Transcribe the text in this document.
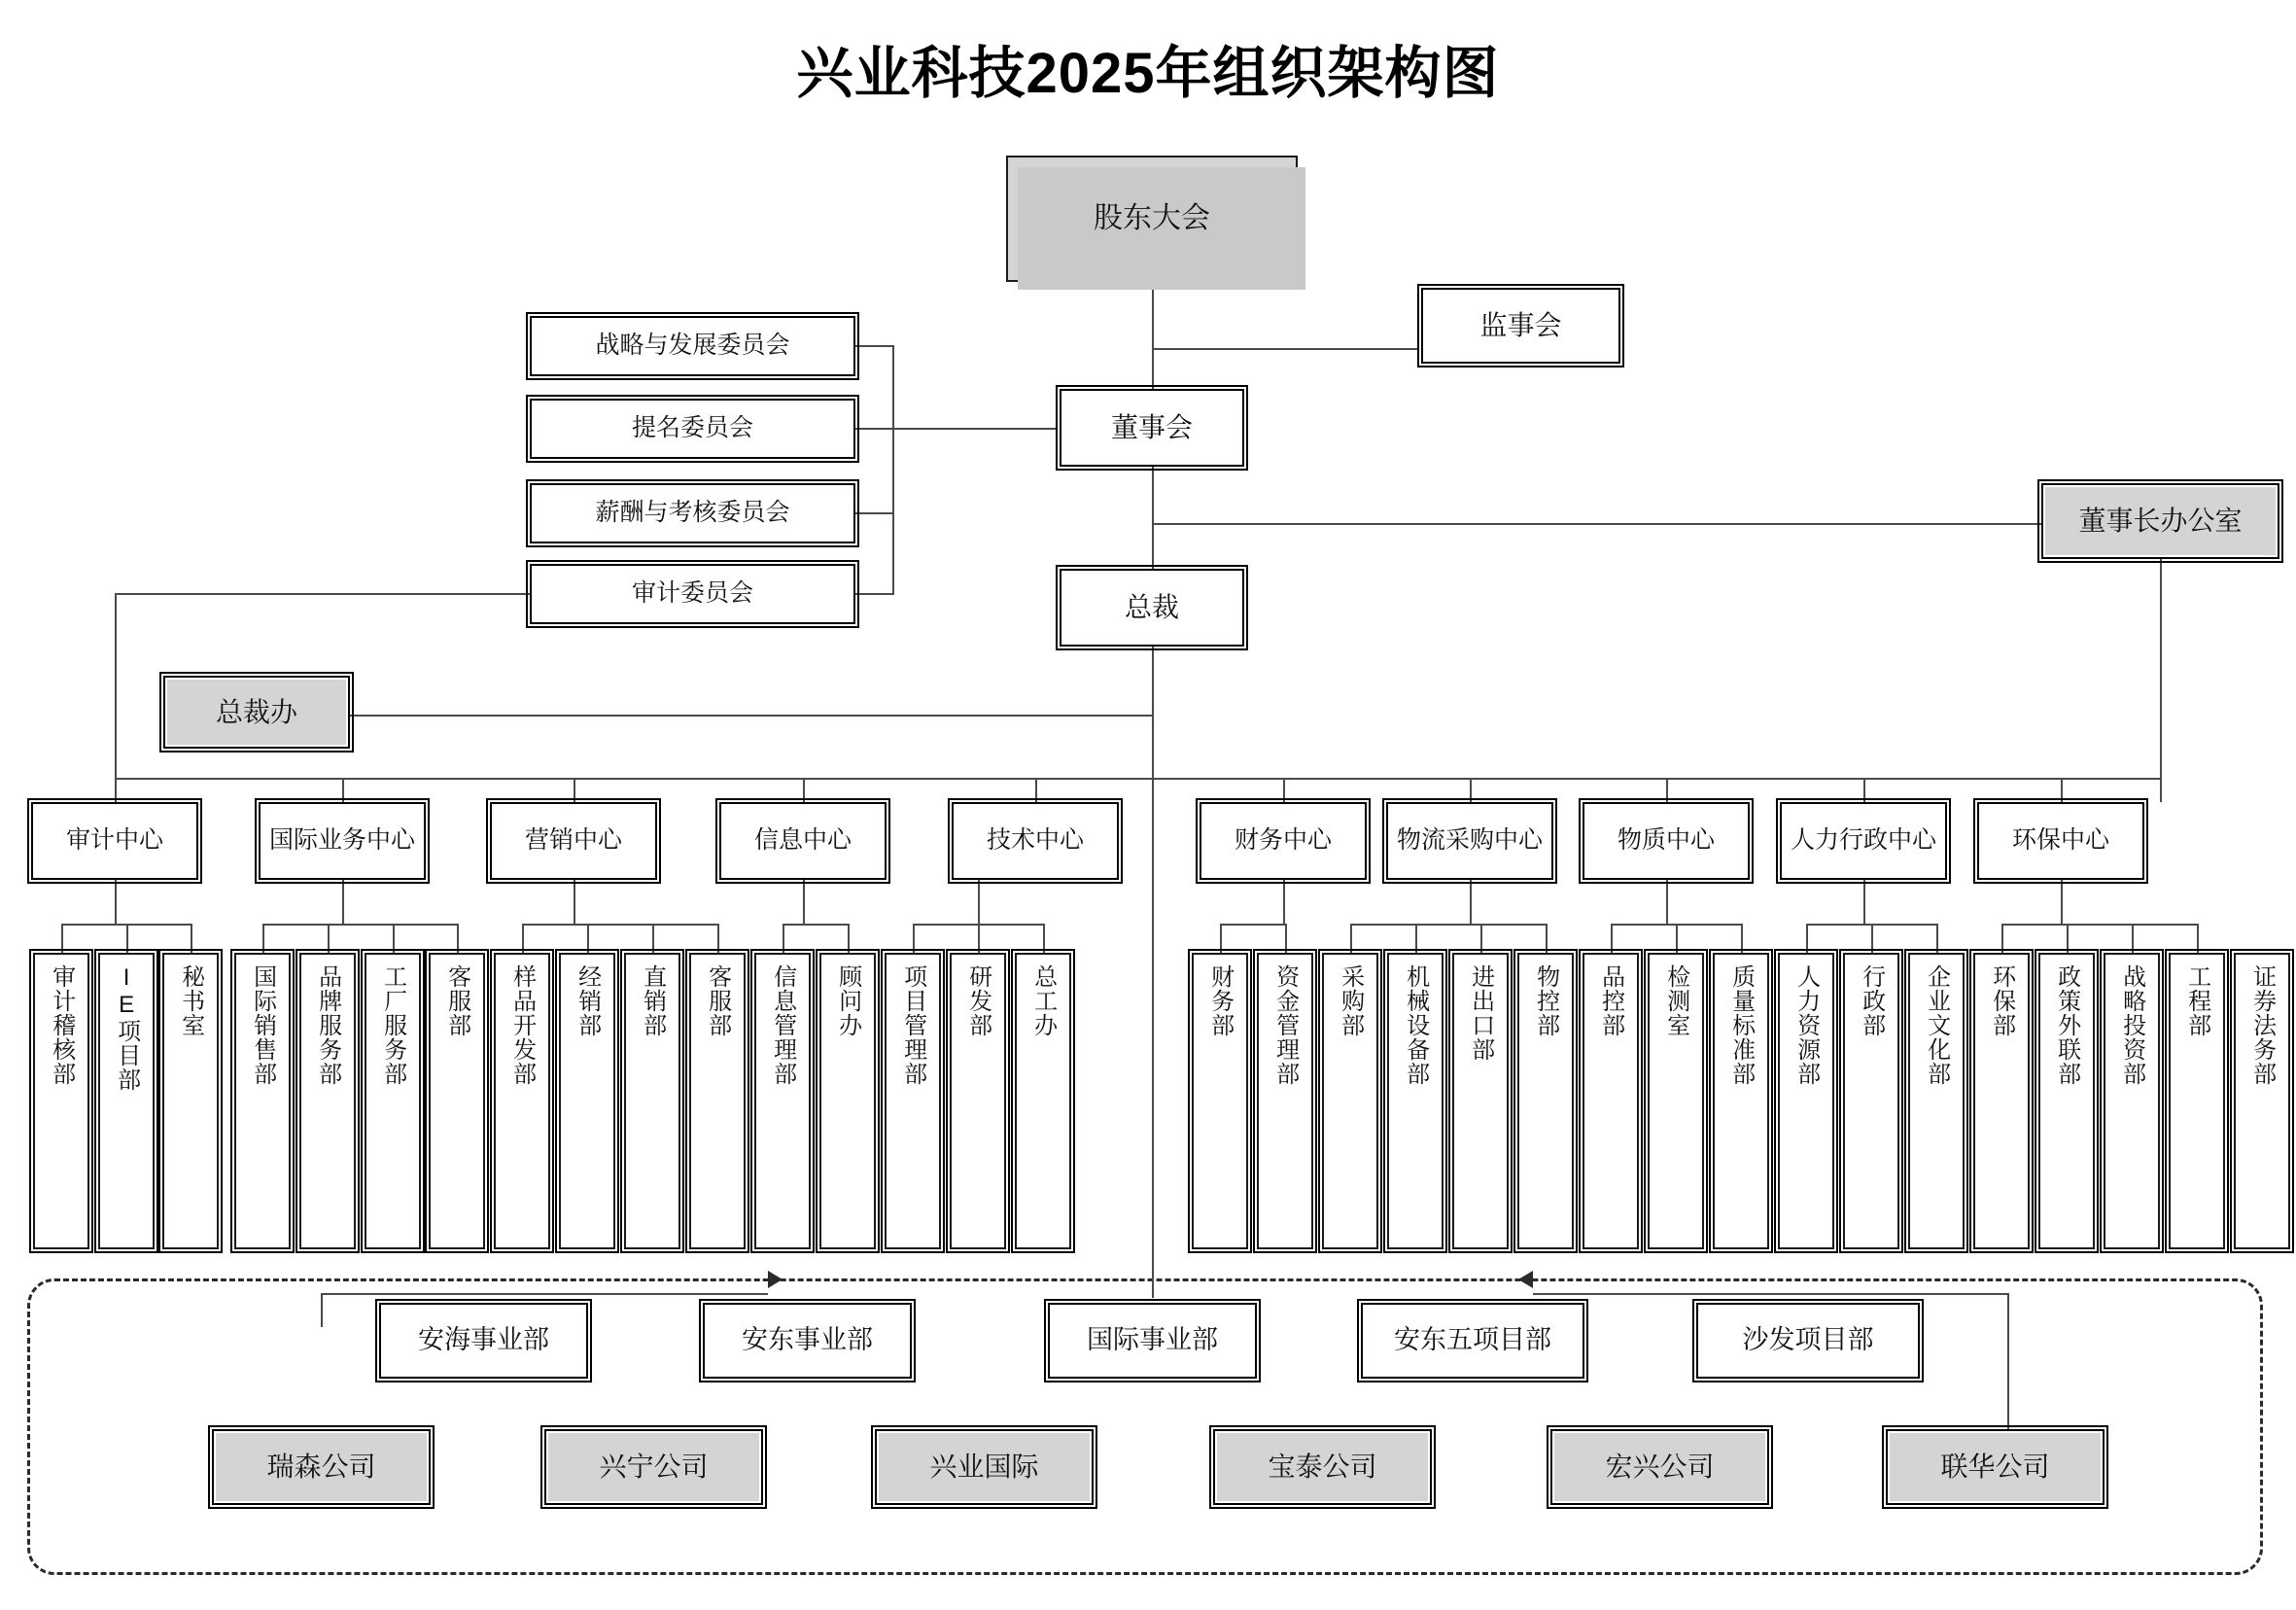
兴业科技2025年组织架构图
股东大会
监事会
董事会
董事长办公室
总裁
总裁办
战略与发展委员会
提名委员会
薪酬与考核委员会
审计委员会
审计中心	国际业务中心	营销中心	信息中心	技术中心	财务中心	物流采购中心	物质中心	人力行政中心	环保中心
审计稽核部 IE项目部 秘书室 国际销售部 品牌服务部 工厂服务部 客服部 样品开发部 经销部 直销部 客服部 信息管理部 顾问办 项目管理部 研发部 总工办	财务部 资金管理部 采购部 机械设备部 进出口部 物控部 品控部 检测室 质量标准部 人力资源部 行政部 企业文化部 环保部 政策外联部 战略投资部 工程部 证券法务部
安海事业部	安东事业部	国际事业部	安东五项目部	沙发项目部
瑞森公司	兴宁公司	兴业国际	宝泰公司	宏兴公司	联华公司
